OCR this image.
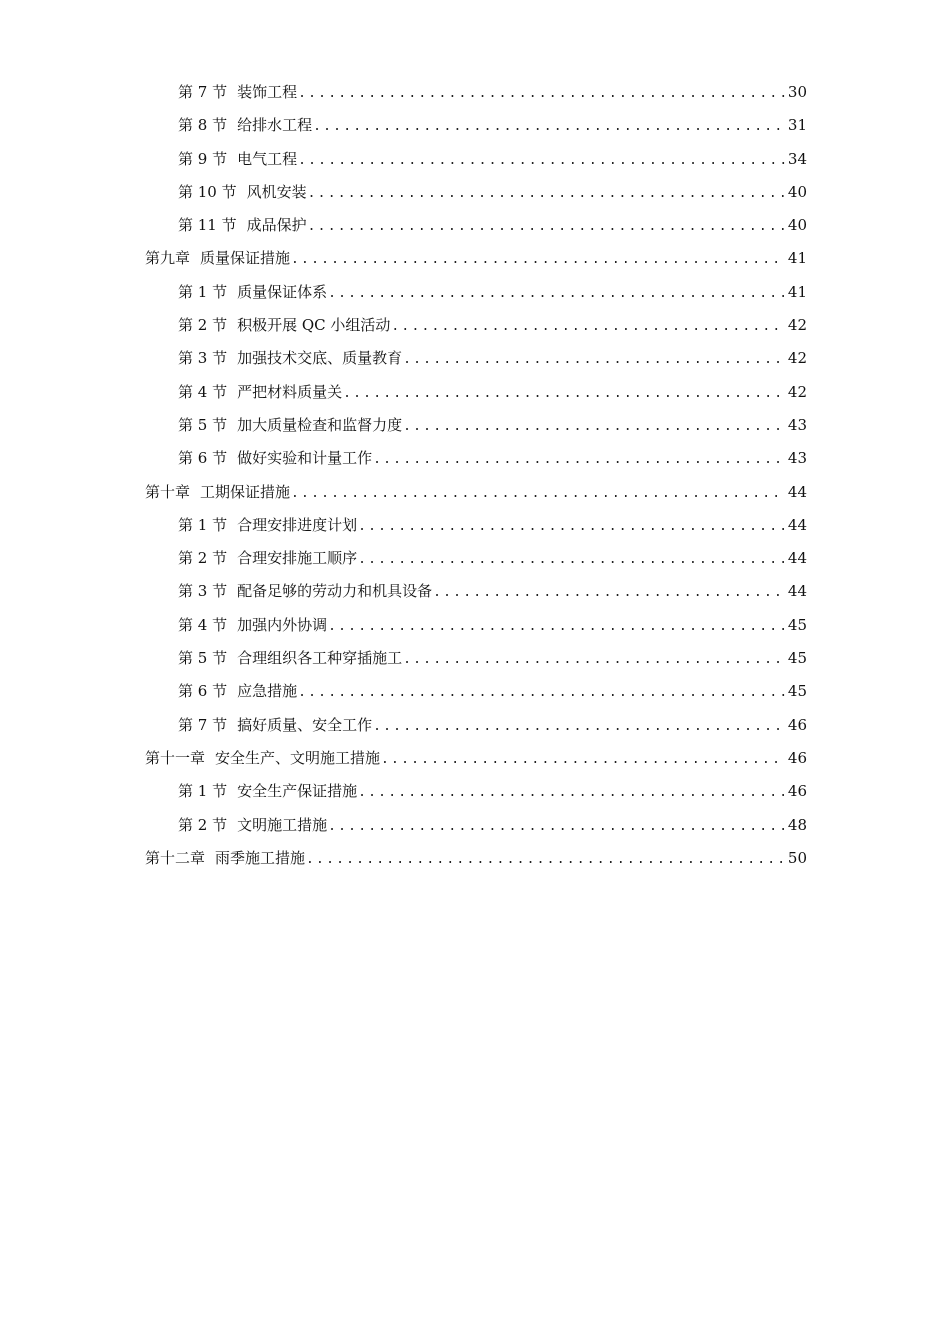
第 7 节 装饰工程 .....	30
第 8 节 给排水工程 .....	31
第 9 节 电气工程 .....	34
第 10 节 风机安装 .....	40
第 11 节 成品保护 .....	40
第九章 质量保证措施 .....	41
第 1 节 质量保证体系 .....	41
第 2 节 积极开展 QC 小组活动 .....	42
第 3 节 加强技术交底、质量教育 .....	42
第 4 节 严把材料质量关 .....	42
第 5 节 加大质量检查和监督力度 .....	43
第 6 节 做好实验和计量工作 .....	43
第十章 工期保证措施 .....	44
第 1 节 合理安排进度计划 .....	44
第 2 节 合理安排施工顺序 .....	44
第 3 节 配备足够的劳动力和机具设备 .....	44
第 4 节 加强内外协调 .....	45
第 5 节 合理组织各工种穿插施工 .....	45
第 6 节 应急措施 .....	45
第 7 节 搞好质量、安全工作 .....	46
第十一章 安全生产、文明施工措施 .....	46
第 1 节 安全生产保证措施 .....	46
第 2 节 文明施工措施 .....	48
第十二章 雨季施工措施 .....	50
